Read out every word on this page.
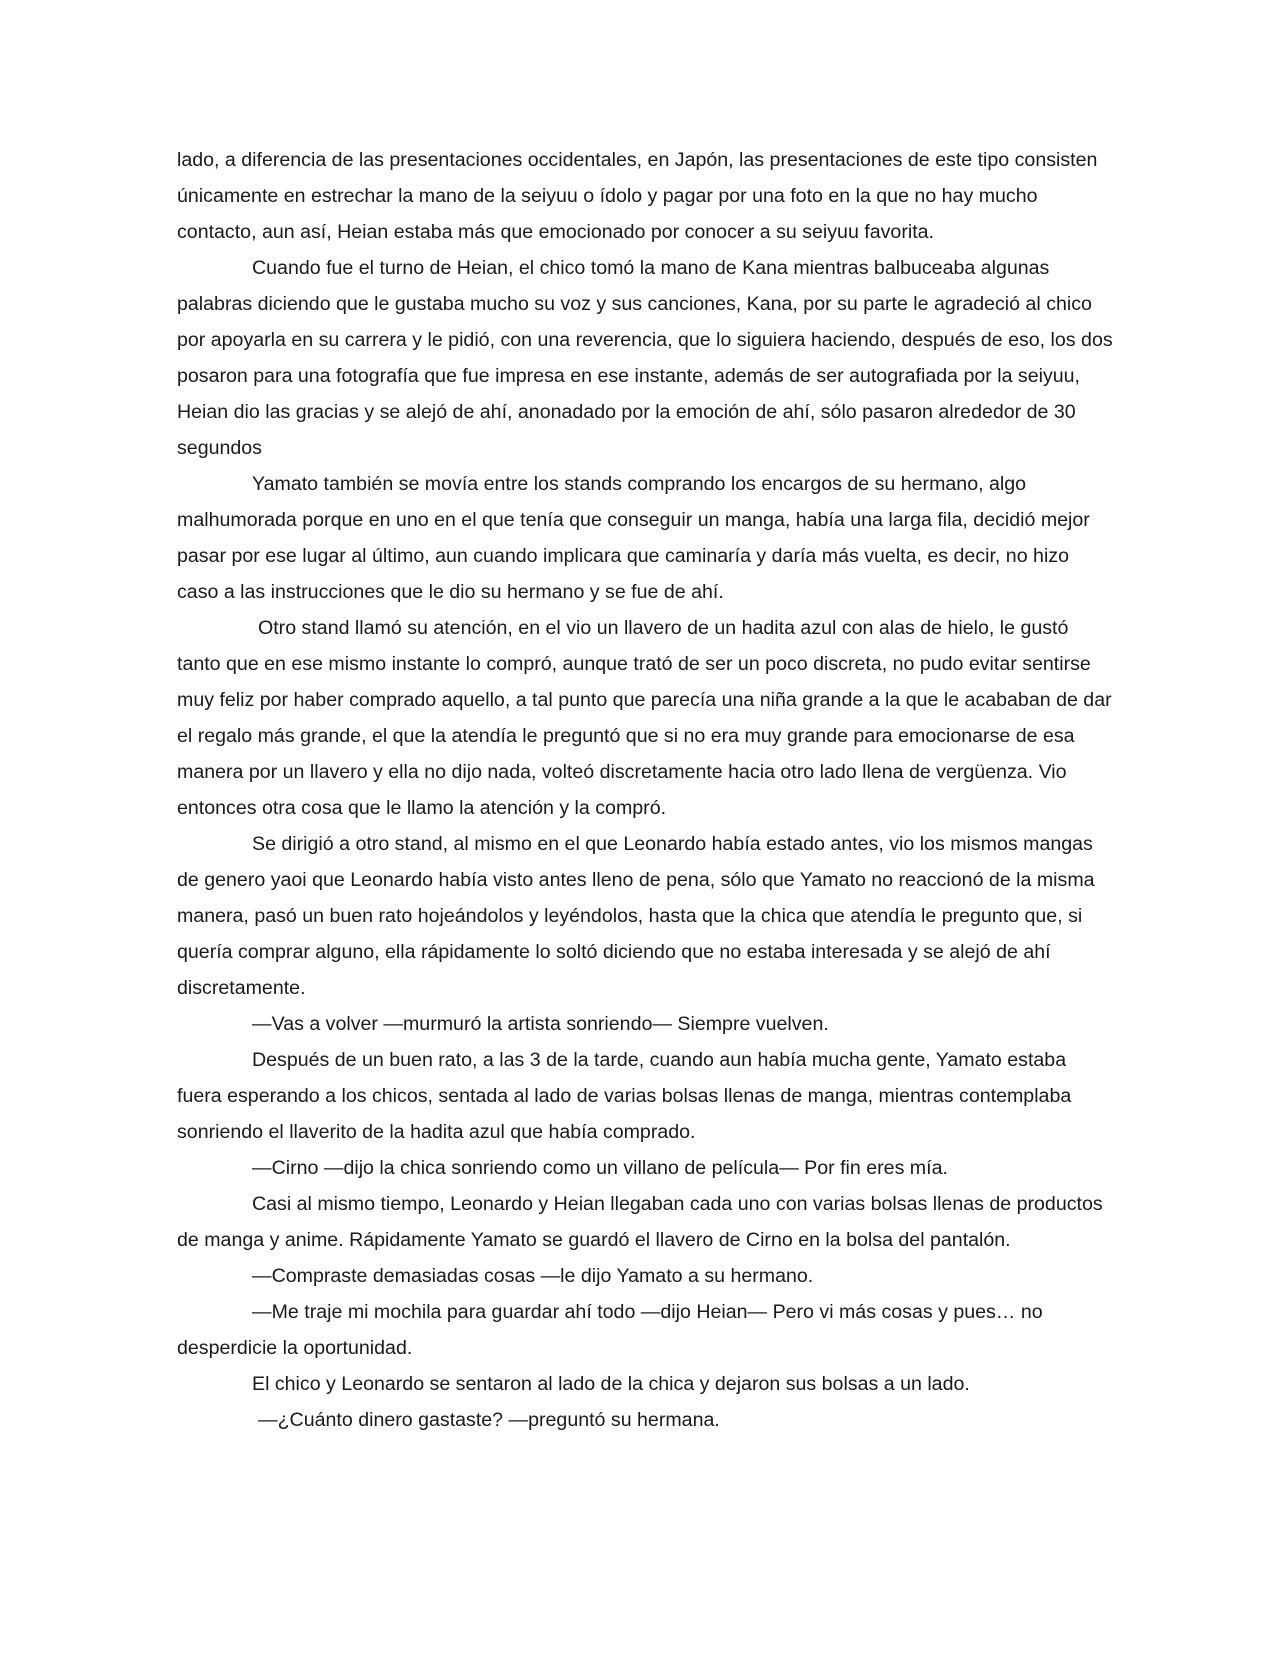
lado, a diferencia de las presentaciones occidentales, en Japón, las presentaciones de este tipo consisten únicamente en estrechar la mano de la seiyuu o ídolo y pagar por una foto en la que no hay mucho contacto, aun así, Heian estaba más que emocionado por conocer a su seiyuu favorita.

Cuando fue el turno de Heian, el chico tomó la mano de Kana mientras balbuceaba algunas palabras diciendo que le gustaba mucho su voz y sus canciones, Kana, por su parte le agradeció al chico por apoyarla en su carrera y le pidió, con una reverencia, que lo siguiera haciendo, después de eso, los dos posaron para una fotografía que fue impresa en ese instante, además de ser autografiada por la seiyuu, Heian dio las gracias y se alejó de ahí, anonadado por la emoción de ahí, sólo pasaron alrededor de 30 segundos

Yamato también se movía entre los stands comprando los encargos de su hermano, algo malhumorada porque en uno en el que tenía que conseguir un manga, había una larga fila, decidió mejor pasar por ese lugar al último, aun cuando implicara que caminaría y daría más vuelta, es decir, no hizo caso a las instrucciones que le dio su hermano y se fue de ahí.

Otro stand llamó su atención, en el vio un llavero de un hadita azul con alas de hielo, le gustó tanto que en ese mismo instante lo compró, aunque trató de ser un poco discreta, no pudo evitar sentirse muy feliz por haber comprado aquello, a tal punto que parecía una niña grande a la que le acababan de dar el regalo más grande, el que la atendía le preguntó que si no era muy grande para emocionarse de esa manera por un llavero y ella no dijo nada, volteó discretamente hacia otro lado llena de vergüenza. Vio entonces otra cosa que le llamo la atención y la compró.

Se dirigió a otro stand, al mismo en el que Leonardo había estado antes, vio los mismos mangas de genero yaoi que Leonardo había visto antes lleno de pena, sólo que Yamato no reaccionó de la misma manera, pasó un buen rato hojeándolos y leyéndolos, hasta que la chica que atendía le pregunto que, si quería comprar alguno, ella rápidamente lo soltó diciendo que no estaba interesada y se alejó de ahí discretamente.

—Vas a volver —murmuró la artista sonriendo— Siempre vuelven.

Después de un buen rato, a las 3 de la tarde, cuando aun había mucha gente, Yamato estaba fuera esperando a los chicos, sentada al lado de varias bolsas llenas de manga, mientras contemplaba sonriendo el llaverito de la hadita azul que había comprado.

—Cirno —dijo la chica sonriendo como un villano de película— Por fin eres mía.

Casi al mismo tiempo, Leonardo y Heian llegaban cada uno con varias bolsas llenas de productos de manga y anime. Rápidamente Yamato se guardó el llavero de Cirno en la bolsa del pantalón.

—Compraste demasiadas cosas —le dijo Yamato a su hermano.

—Me traje mi mochila para guardar ahí todo —dijo Heian— Pero vi más cosas y pues… no desperdicie la oportunidad.

El chico y Leonardo se sentaron al lado de la chica y dejaron sus bolsas a un lado.

—¿Cuánto dinero gastaste? —preguntó su hermana.
